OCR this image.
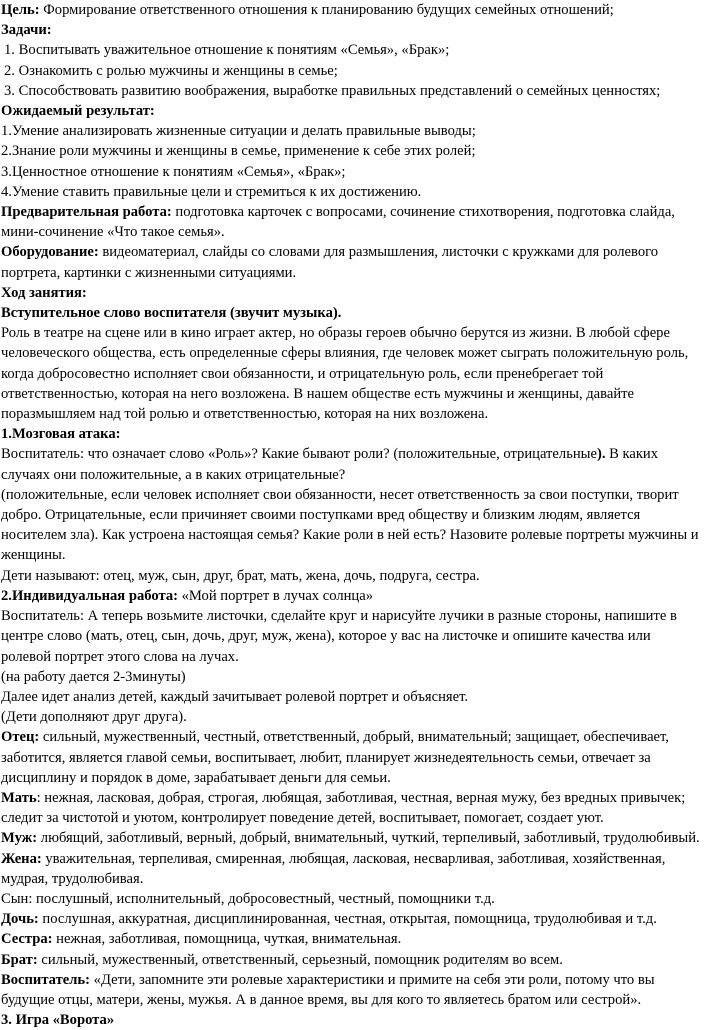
Цель: Формирование ответственного отношения к планированию будущих семейных отношений;

Задачи:

1. Воспитывать уважительное отношение к понятиям «Семья», «Брак»;

2. Ознакомить с ролью мужчины и женщины в семье;

3. Способствовать развитию воображения, выработке правильных представлений о семейных ценностях;

Ожидаемый результат:

1.Умение анализировать жизненные ситуации и делать правильные выводы;

2.Знание роли мужчины и женщины в семье, применение к себе этих ролей;

3.Ценностное отношение к понятиям «Семья», «Брак»;

4.Умение ставить правильные цели и стремиться к их достижению.

Предварительная работа: подготовка карточек с вопросами, сочинение стихотворения, подготовка слайда, мини-сочинение «Что такое семья».

Оборудование: видеоматериал, слайды со словами для размышления, листочки с кружками для ролевого портрета, картинки с жизненными ситуациями.

Ход занятия:

Вступительное слово воспитателя (звучит музыка).

Роль в театре на сцене или в кино играет актер, но образы героев обычно берутся из жизни. В любой сфере человеческого общества, есть определенные сферы влияния, где человек может сыграть положительную роль, когда добросовестно исполняет свои обязанности, и отрицательную роль, если пренебрегает той ответственностью, которая на него возложена. В нашем обществе есть мужчины и женщины, давайте поразмышляем над той ролью и ответственностью, которая на них возложена.

1.Мозговая атака:

Воспитатель: что означает слово «Роль»? Какие бывают роли? (положительные, отрицательные). В каких случаях они положительные, а в каких отрицательные?

(положительные, если человек исполняет свои обязанности, несет ответственность за свои поступки, творит добро. Отрицательные, если причиняет своими поступками вред обществу и близким людям, является носителем зла). Как устроена настоящая семья? Какие роли в ней есть? Назовите ролевые портреты мужчины и женщины.

Дети называют: отец, муж, сын, друг, брат, мать, жена, дочь, подруга, сестра.

2.Индивидуальная работа: «Мой портрет в лучах солнца»

Воспитатель: А теперь возьмите листочки, сделайте круг и нарисуйте лучики в разные стороны, напишите в центре слово (мать, отец, сын, дочь, друг, муж, жена), которое у вас на листочке и опишите качества или ролевой портрет этого слова на лучах.

(на работу дается 2-3минуты)

Далее идет анализ детей, каждый зачитывает ролевой портрет и объясняет.

(Дети дополняют друг друга).

Отец: сильный, мужественный, честный, ответственный, добрый, внимательный; защищает, обеспечивает, заботится, является главой семьи, воспитывает, любит, планирует жизнедеятельность семьи, отвечает за дисциплину и порядок в доме, зарабатывает деньги для семьи.

Мать: нежная, ласковая, добрая, строгая, любящая, заботливая, честная, верная мужу, без вредных привычек; следит за чистотой и уютом, контролирует поведение детей, воспитывает, помогает, создает уют.

Муж: любящий, заботливый, верный, добрый, внимательный, чуткий, терпеливый, заботливый, трудолюбивый.

Жена: уважительная, терпеливая, смиренная, любящая, ласковая, несварливая, заботливая, хозяйственная, мудрая, трудолюбивая.

Сын: послушный, исполнительный, добросовестный, честный, помощники т.д.

Дочь: послушная, аккуратная, дисциплинированная, честная, открытая, помощница, трудолюбивая и т.д.

Сестра: нежная, заботливая, помощница, чуткая, внимательная.

Брат: сильный, мужественный, ответственный, серьезный, помощник родителям во всем.

Воспитатель: «Дети, запомните эти ролевые характеристики и примите на себя эти роли, потому что вы будущие отцы, матери, жены, мужья. А в данное время, вы для кого то являетесь братом или сестрой».

3. Игра «Ворота»
